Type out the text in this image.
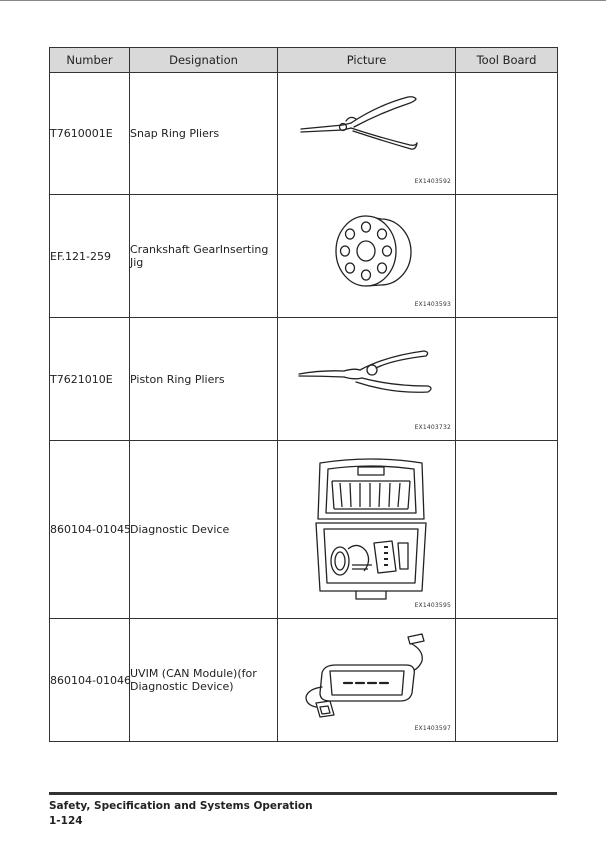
Number	Designation	Picture	Tool Board
T7610001E	Snap Ring Pliers	EX1403592	

EF.121-259	Crankshaft GearInserting Jig	EX1403593	

T7621010E	Piston Ring Pliers	EX1403732	

860104-01045	Diagnostic Device	EX1403595	

860104-01046	UVIM (CAN Module)(for Diagnostic Device)	EX1403597	

Safety, Specification and Systems Operation
1-124
